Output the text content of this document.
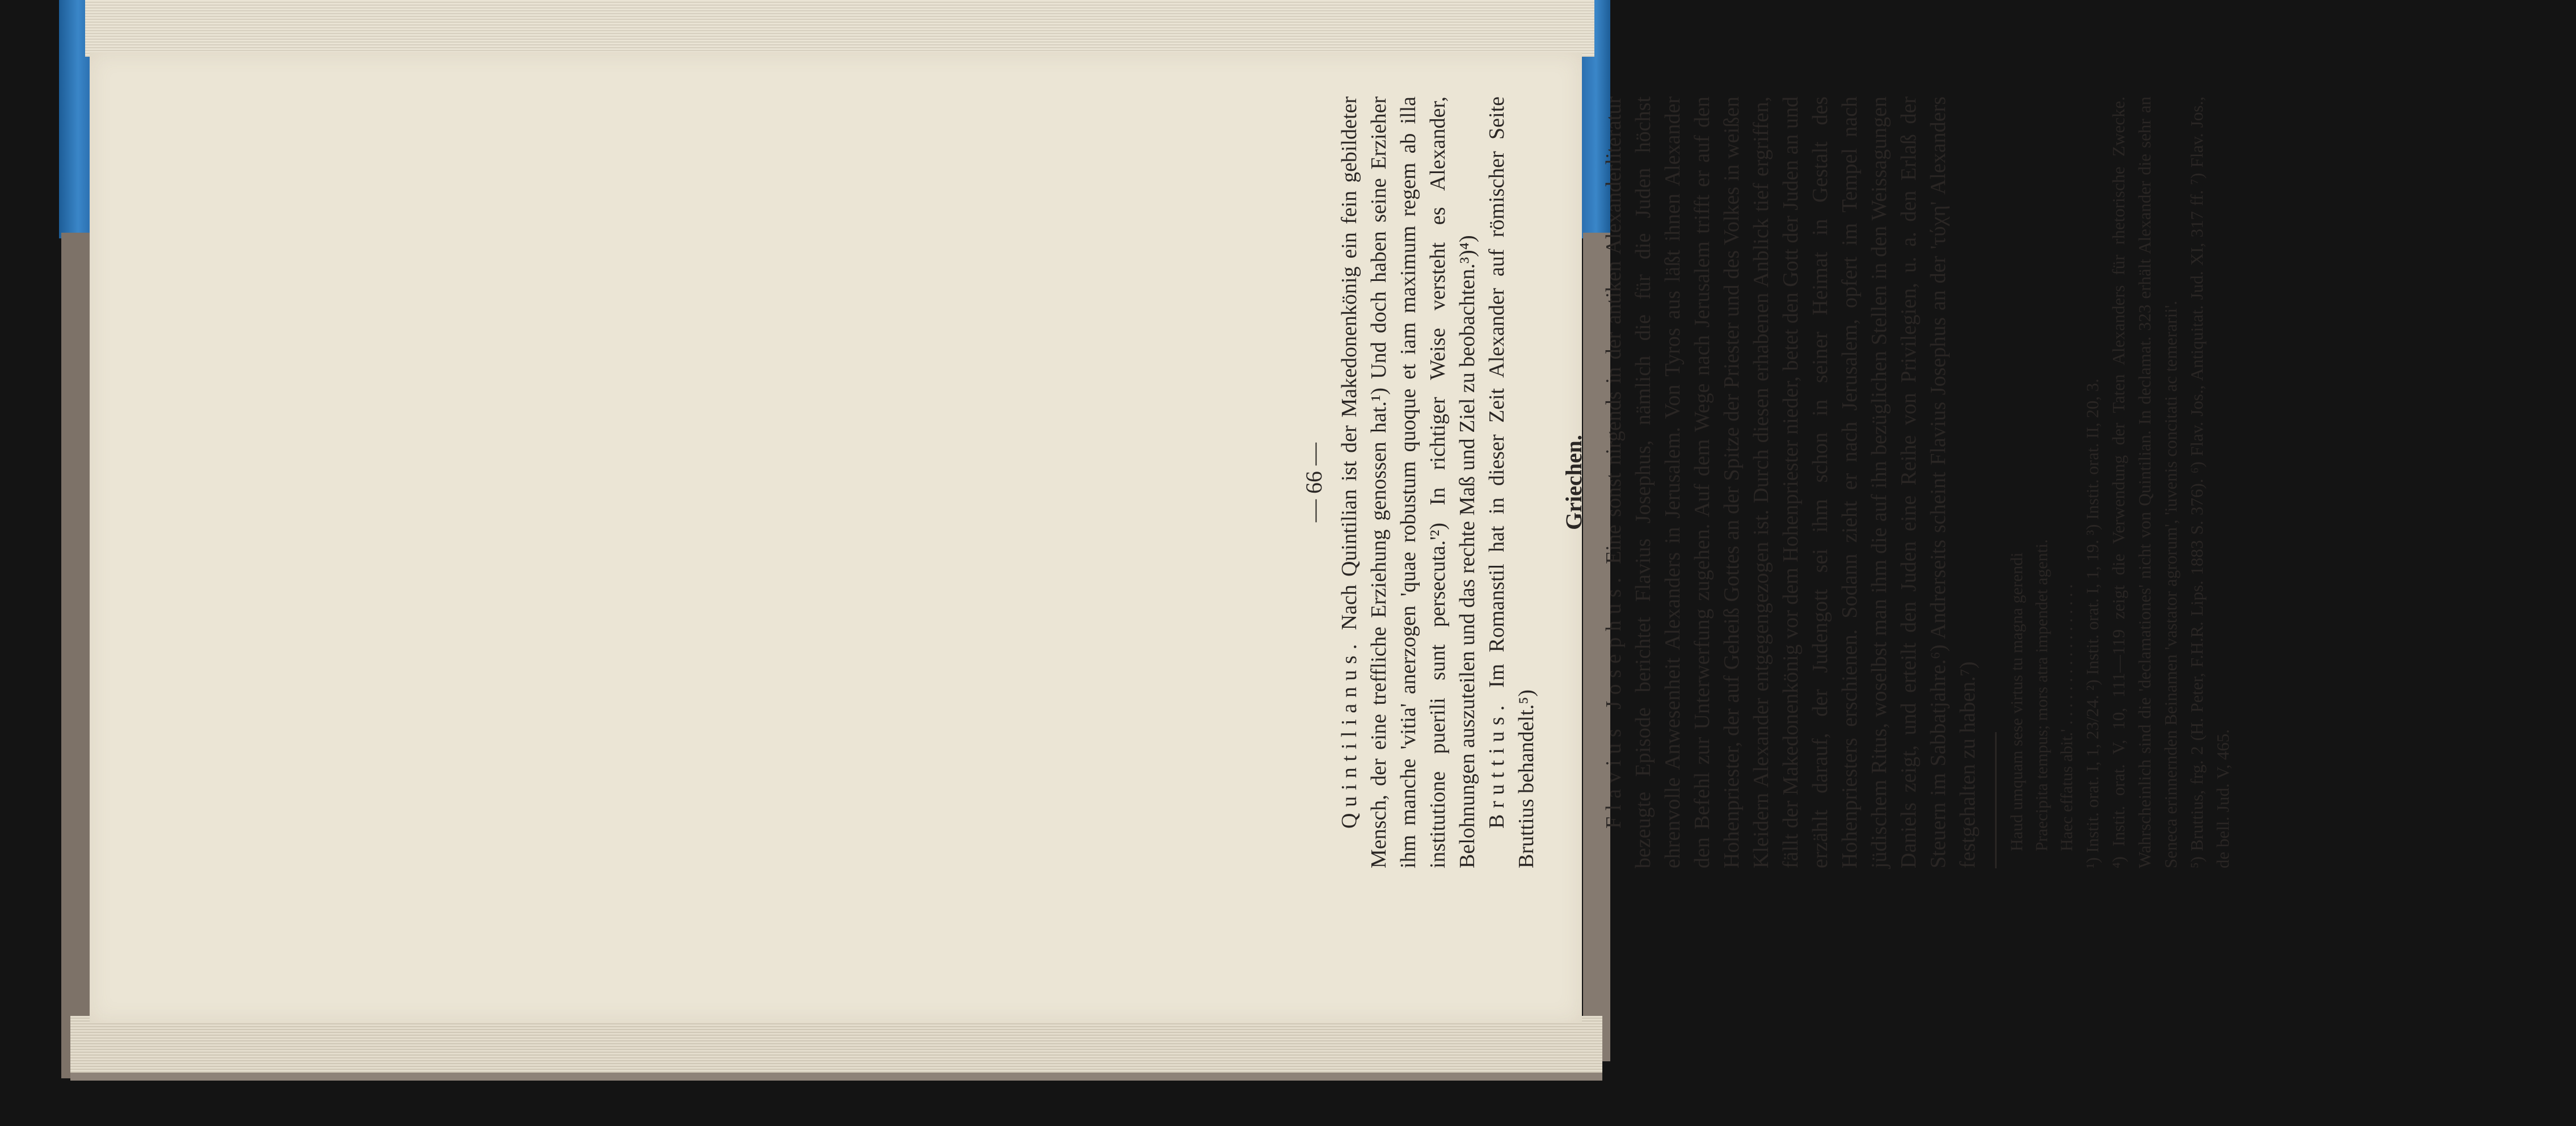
— 66 —

Quintilianus. Nach Quintilian ist der Makedonenkönig ein fein gebildeter Mensch, der eine treffliche Erziehung genossen hat.¹) Und doch haben seine Erzieher ihm manche 'vitia' anerzogen 'quae robustum quoque et iam maximum regem ab illa institutione puerili sunt persecuta.'²) In richtiger Weise versteht es Alexander, Belohnungen auszuteilen und das rechte Maß und Ziel zu beobachten.³)⁴) Bruttius. Im Romanstil hat in dieser Zeit Alexander auf römischer Seite Bruttius behandelt.⁵)

Griechen.

Flavius Josephus. Eine sonst nirgends in der antiken Alexanderliteratur bezeugte Episode berichtet Flavius Josephus, nämlich die für die Juden höchst ehrenvolle Anwesenheit Alexanders in Jerusalem. Von Tyros aus läßt ihnen Alexander den Befehl zur Unterwerfung zugehen. Auf dem Wege nach Jerusalem trifft er auf den Hohenpriester, der auf Geheiß Gottes an der Spitze der Priester und des Volkes in weißen Kleidern Alexander entgegengezogen ist. Durch diesen erhabenen Anblick tief ergriffen, fällt der Makedonenkönig vor dem Hohenpriester nieder, betet den Gott der Juden an und erzählt darauf, der Judengott sei ihm schon in seiner Heimat in Gestalt des Hohenpriesters erschienen. Sodann zieht er nach Jerusalem, opfert im Tempel nach jüdischem Ritus, woselbst man ihm die auf ihn bezüglichen Stellen in den Weissagungen Daniels zeigt, und erteilt den Juden eine Reihe von Privilegien, u. a. den Erlaß der Steuern im Sabbatjahre.⁶) Andrerseits scheint Flavius Josephus an der 'τύχη' Alexanders festgehalten zu haben.⁷) Haud umquam sese virtus tu magna gerendi Praecipita tempus; mors atra impendet agenti. Haec effatus abit.' . . . . . . . . . . . . . . . . . ¹) Instit. orat. I, 1, 23/24. ²) Instit. orat. I, 1, 19. ³) Instit. orat. II, 20, 3. ⁴) Instit. orat. V, 10, 111—119 zeigt die Verwendung der Taten Alexanders für rhetorische Zwecke. Wahrscheinlich sind die 'declamationes' nicht von Quintilian. In declamat. 323 erhält Alexander die sehr an Seneca erinnernden Beinamen 'vastator agrorum', 'iuvenis concitati ac temerarii'. ⁵) Bruttius, frg. 2 (H. Peter, F.H.R. Lips. 1883 S. 376). ⁶) Flav. Jos., Antiquitat. Jud. XI, 317 ff. ⁷) Flav. Jos., de bell. Jud. V, 465.
